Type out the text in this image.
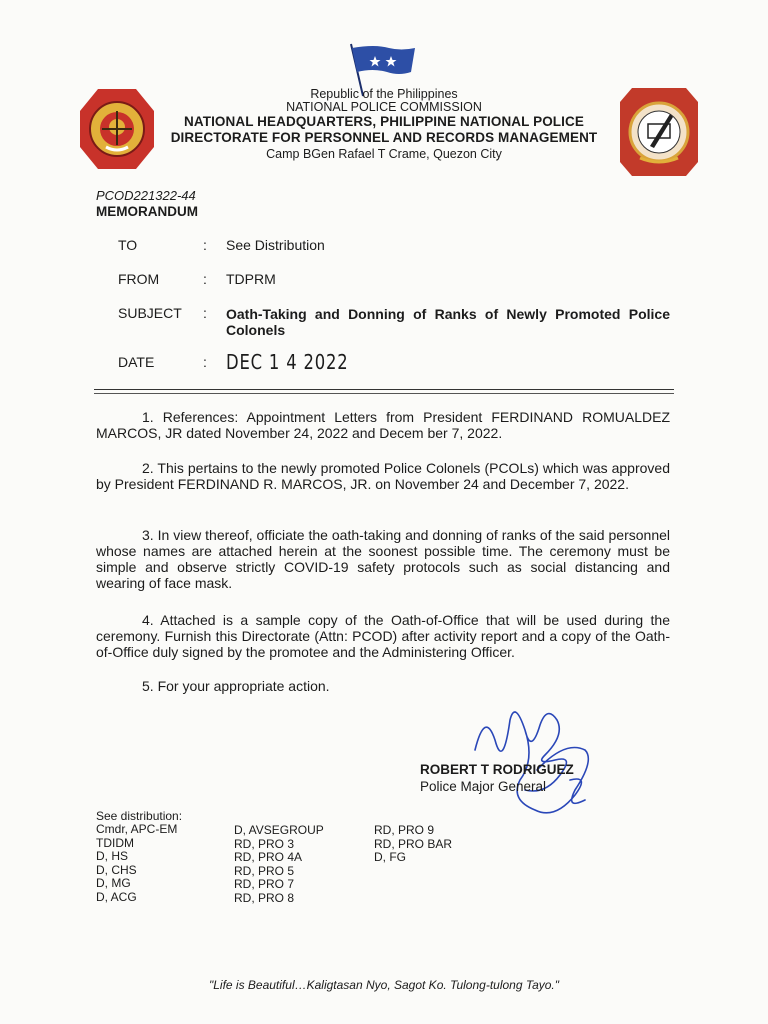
Republic of the Philippines
NATIONAL POLICE COMMISSION
NATIONAL HEADQUARTERS, PHILIPPINE NATIONAL POLICE
DIRECTORATE FOR PERSONNEL AND RECORDS MANAGEMENT
Camp BGen Rafael T Crame, Quezon City
PCOD221322-44
MEMORANDUM
TO	: See Distribution
FROM	: TDPRM
SUBJECT : Oath-Taking and Donning of Ranks of Newly Promoted Police Colonels
DATE	: DEC 1 4 2022
1. References: Appointment Letters from President FERDINAND ROMUALDEZ MARCOS, JR dated November 24, 2022 and Decem ber 7, 2022.
2. This pertains to the newly promoted Police Colonels (PCOLs) which was approved by President FERDINAND R. MARCOS, JR. on November 24 and December 7, 2022.
3. In view thereof, officiate the oath-taking and donning of ranks of the said personnel whose names are attached herein at the soonest possible time. The ceremony must be simple and observe strictly COVID-19 safety protocols such as social distancing and wearing of face mask.
4. Attached is a sample copy of the Oath-of-Office that will be used during the ceremony. Furnish this Directorate (Attn: PCOD) after activity report and a copy of the Oath-of-Office duly signed by the promotee and the Administering Officer.
5. For your appropriate action.
ROBERT T RODRIGUEZ
Police Major General
See distribution:
Cmdr, APC-EM
TDIDM
D, HS
D, CHS
D, MG
D, ACG
D, AVSEGROUP
RD, PRO 3
RD, PRO 4A
RD, PRO 5
RD, PRO 7
RD, PRO 8
RD, PRO 9
RD, PRO BAR
D, FG
"Life is Beautiful…Kaligtasan Nyo, Sagot Ko. Tulong-tulong Tayo."
